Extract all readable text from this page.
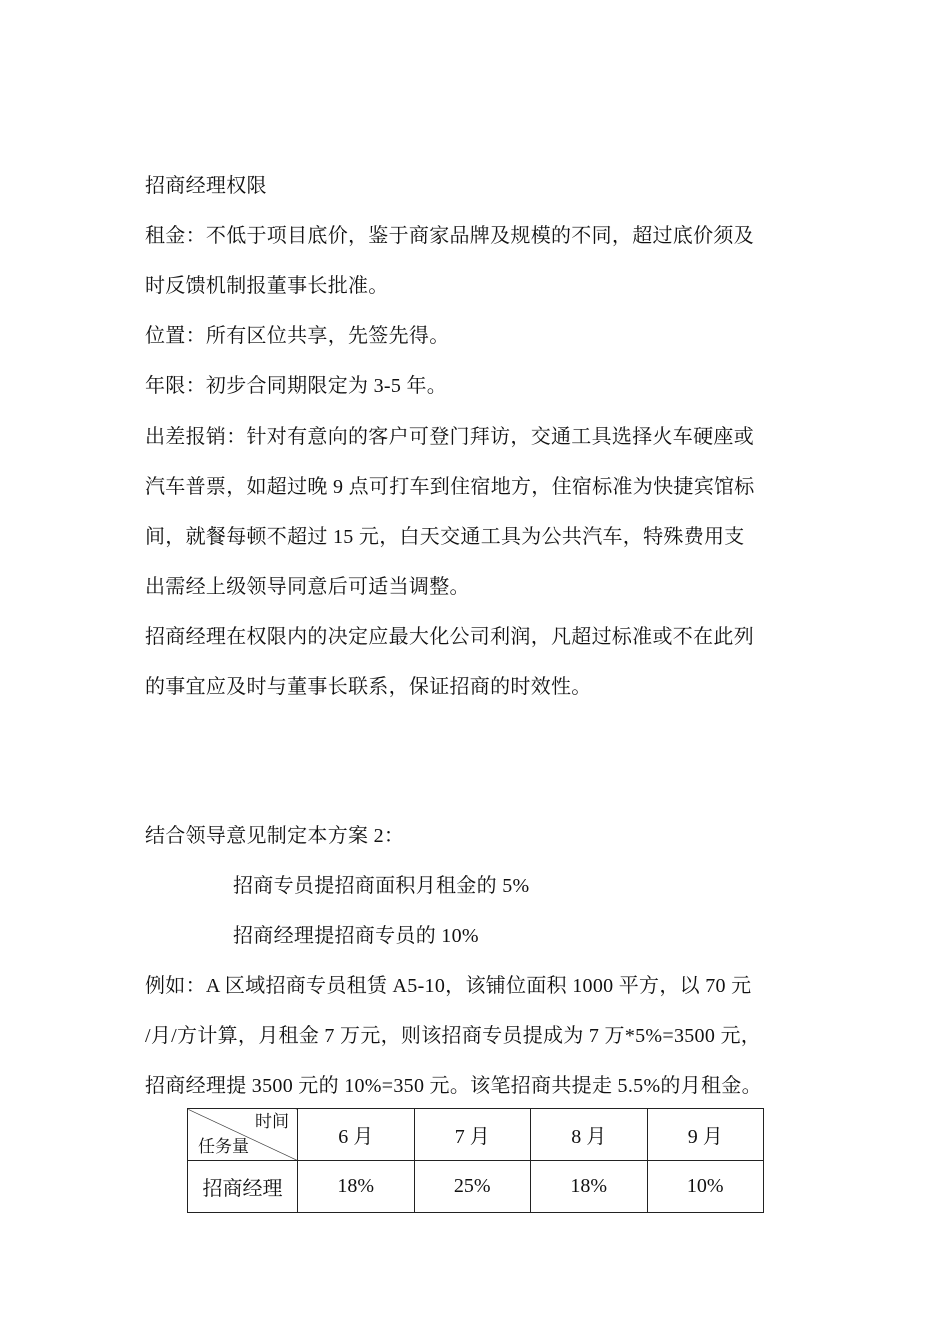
招商经理权限
租金：不低于项目底价，鉴于商家品牌及规模的不同，超过底价须及
时反馈机制报董事长批准。
位置：所有区位共享，先签先得。
年限：初步合同期限定为 3-5 年。
出差报销：针对有意向的客户可登门拜访，交通工具选择火车硬座或
汽车普票，如超过晚 9 点可打车到住宿地方，住宿标准为快捷宾馆标
间，就餐每顿不超过 15 元，白天交通工具为公共汽车，特殊费用支
出需经上级领导同意后可适当调整。
招商经理在权限内的决定应最大化公司利润，凡超过标准或不在此列
的事宜应及时与董事长联系，保证招商的时效性。
结合领导意见制定本方案 2：
招商专员提招商面积月租金的 5%
招商经理提招商专员的 10%
例如：A 区域招商专员租赁 A5-10，该铺位面积 1000 平方，以 70 元
/月/方计算，月租金 7 万元，则该招商专员提成为 7 万*5%=3500 元，
招商经理提 3500 元的 10%=350 元。该笔招商共提走 5.5%的月租金。
时间
任务量	6 月	7 月	8 月	9 月
招商经理	18%	25%	18%	10%
